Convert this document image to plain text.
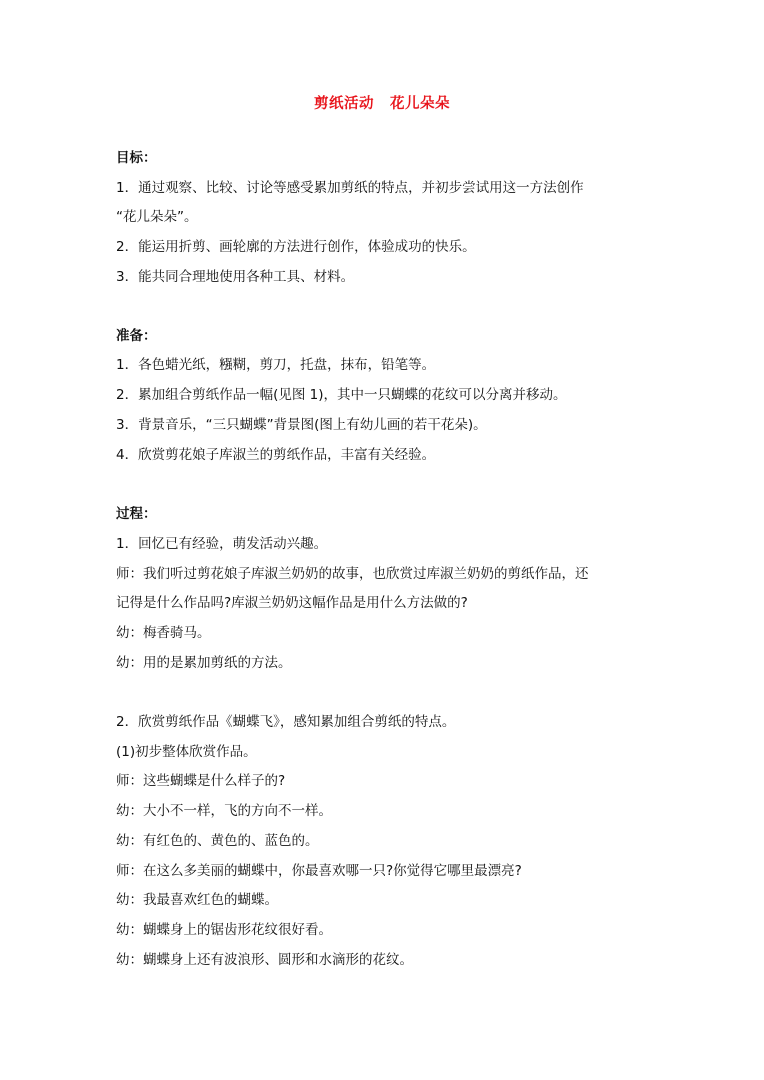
剪纸活动 花儿朵朵
目标：
1．通过观察、比较、讨论等感受累加剪纸的特点，并初步尝试用这一方法创作
“花儿朵朵”。
2．能运用折剪、画轮廓的方法进行创作，体验成功的快乐。
3．能共同合理地使用各种工具、材料。
准备：
1．各色蜡光纸，糨糊，剪刀，托盘，抹布，铅笔等。
2．累加组合剪纸作品一幅(见图 1)，其中一只蝴蝶的花纹可以分离并移动。
3．背景音乐，“三只蝴蝶”背景图(图上有幼儿画的若干花朵)。
4．欣赏剪花娘子库淑兰的剪纸作品，丰富有关经验。
过程：
1．回忆已有经验，萌发活动兴趣。
师：我们听过剪花娘子库淑兰奶奶的故事，也欣赏过库淑兰奶奶的剪纸作品，还
记得是什么作品吗?库淑兰奶奶这幅作品是用什么方法做的?
幼：梅香骑马。
幼：用的是累加剪纸的方法。
2．欣赏剪纸作品《蝴蝶飞》，感知累加组合剪纸的特点。
(1)初步整体欣赏作品。
师：这些蝴蝶是什么样子的?
幼：大小不一样，飞的方向不一样。
幼：有红色的、黄色的、蓝色的。
师：在这么多美丽的蝴蝶中，你最喜欢哪一只?你觉得它哪里最漂亮?
幼：我最喜欢红色的蝴蝶。
幼：蝴蝶身上的锯齿形花纹很好看。
幼：蝴蝶身上还有波浪形、圆形和水滴形的花纹。
